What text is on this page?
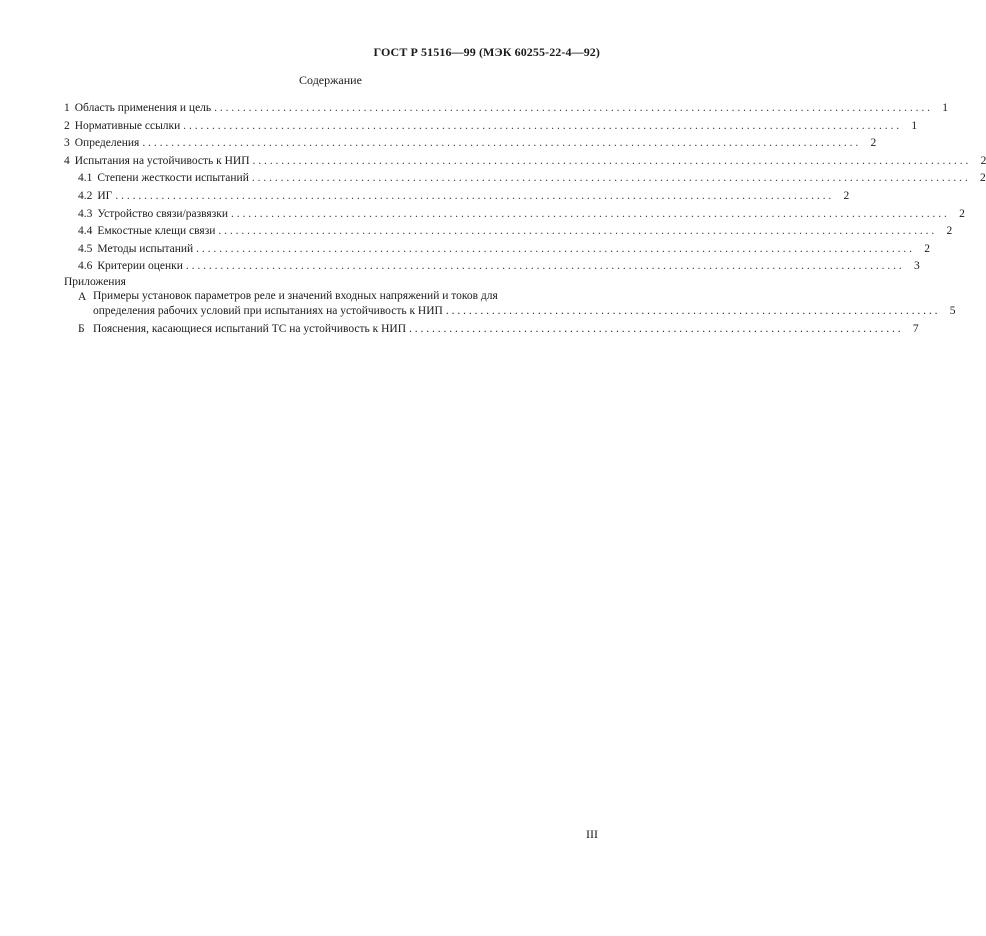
ГОСТ Р 51516—99 (МЭК 60255-22-4—92)
Содержание
1 Область применения и цель . . .	1
2 Нормативные ссылки . . .	1
3 Определения . . .	2
4 Испытания на устойчивость к НИП . . .	2
4.1 Степени жесткости испытаний . . .	2
4.2 ИГ . . .	2
4.3 Устройство связи/развязки . . .	2
4.4 Емкостные клещи связи . . .	2
4.5 Методы испытаний . . .	2
4.6 Критерии оценки . . .	3
Приложения
А Примеры установок параметров реле и значений входных напряжений и токов для
определения рабочих условий при испытаниях на устойчивость к НИП . . .	5
Б Пояснения, касающиеся испытаний ТС на устойчивость к НИП . . .	7
III
